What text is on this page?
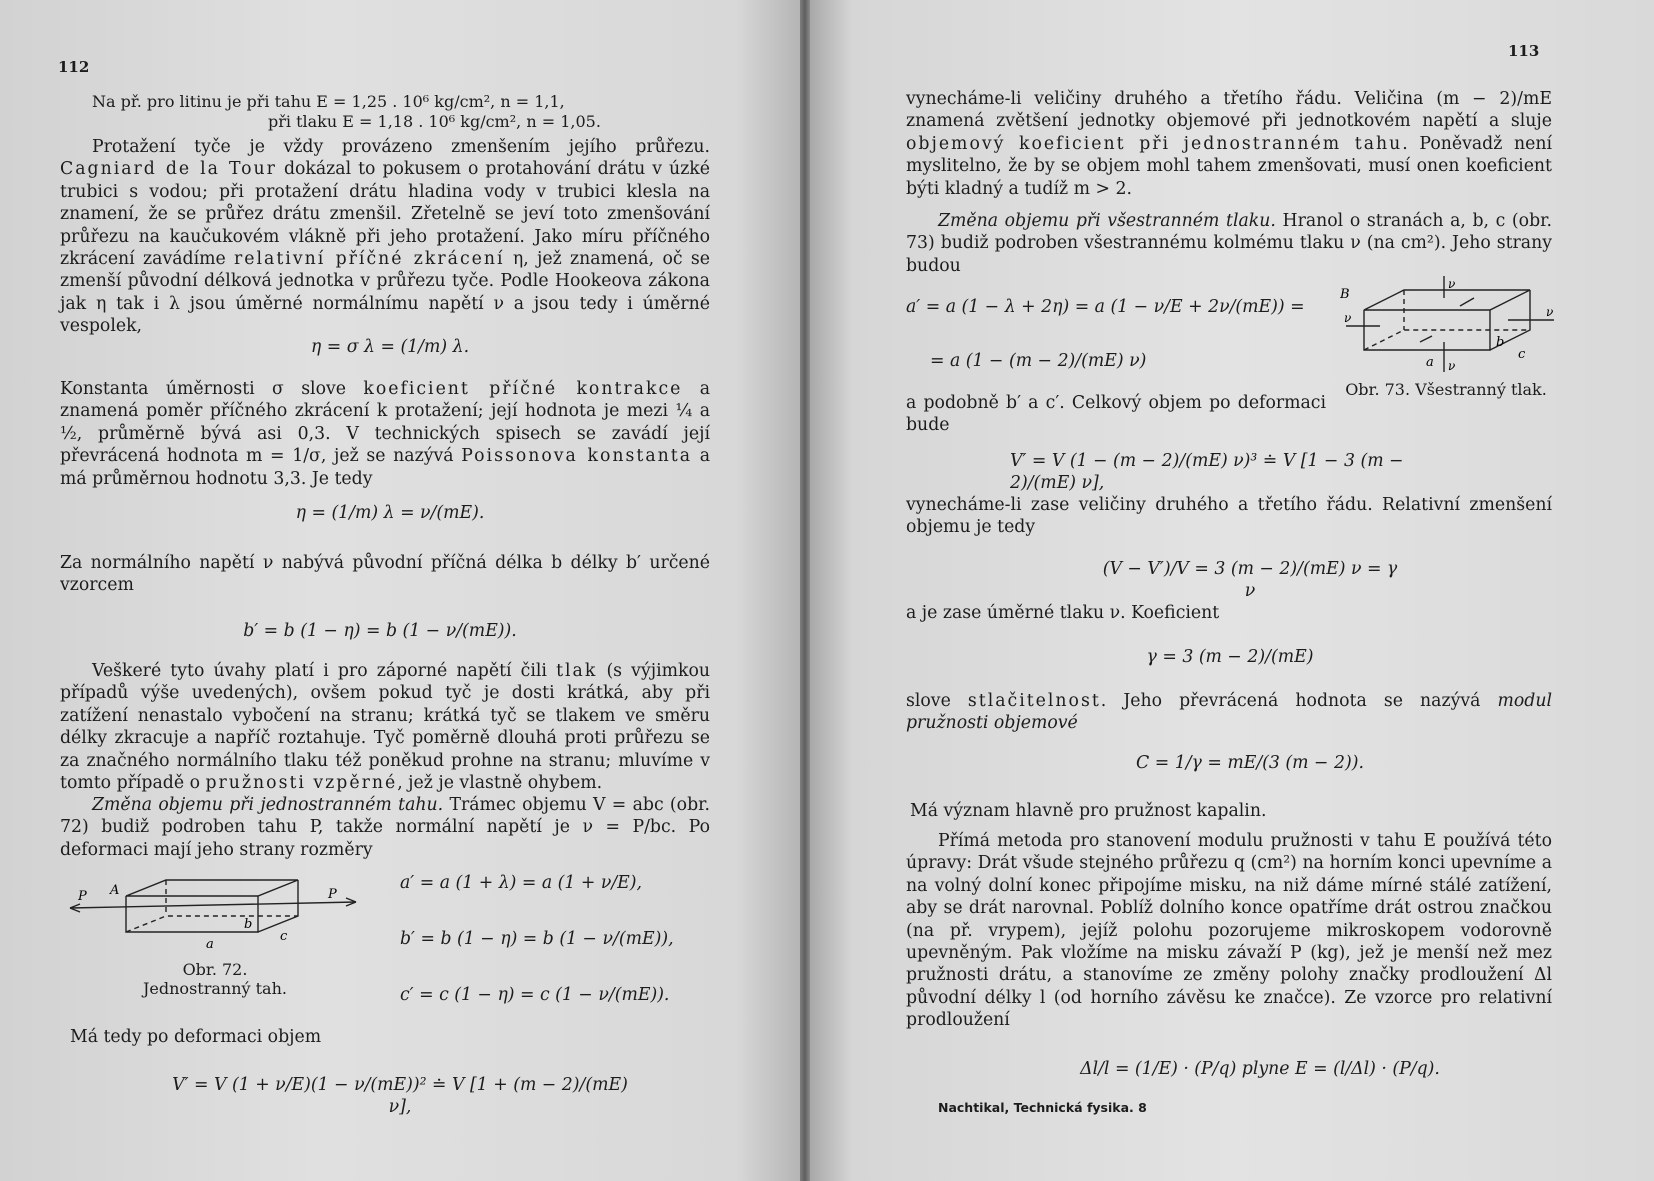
112
Na př. pro litinu je při tahu E = 1,25 . 10⁶ kg/cm², n = 1,1,
při tlaku E = 1,18 . 10⁶ kg/cm², n = 1,05.

Protažení tyče je vždy provázeno zmenšením jejího průřezu. Cagniard de la Tour dokázal to pokusem o protahování drátu v úzké trubici s vodou; při protažení drátu hladina vody v trubici klesla na znamení, že se průřez drátu zmenšil. Zřetelně se jeví toto zmenšování průřezu na kaučukovém vlákně při jeho protažení. Jako míru příčného zkrácení zavádíme relativní příčné zkrácení η, jež znamená, oč se zmenší původní délková jednotka v průřezu tyče. Podle Hookeova zákona jak η tak i λ jsou úměrné normálnímu napětí ν a jsou tedy i úměrné vespolek,

η = σ λ = (1/m) λ.

Konstanta úměrnosti σ slove koeficient příčné kontrakce a znamená poměr příčného zkrácení k protažení; její hodnota je mezi ¼ a ½, průměrně bývá asi 0,3. V technických spisech se zavádí její převrácená hodnota m = 1/σ, jež se nazývá Poissonova konstanta a má průměrnou hodnotu 3,3. Je tedy

η = (1/m) λ = ν/(mE).
Za normálního napětí ν nabývá původní příčná délka b délky b′ určené vzorcem
b′ = b (1 − η) = b (1 − ν/(mE)).

Veškeré tyto úvahy platí i pro záporné napětí čili tlak (s výjimkou případů výše uvedených), ovšem pokud tyč je dosti krátká, aby při zatížení nenastalo vybočení na stranu; krátká tyč se tlakem ve směru délky zkracuje a napříč roztahuje. Tyč poměrně dlouhá proti průřezu se za značného normálního tlaku též poněkud prohne na stranu; mluvíme v tomto případě o pružnosti vzpěrné, jež je vlastně ohybem.

Změna objemu při jednostranném tahu. Trámec objemu V = abc (obr. 72) budiž podroben tahu P, takže normální napětí je ν = P/bc. Po deformaci mají jeho strany rozměry

A
P	P
a
b
c
Obr. 72.
Jednostranný tah.
a′ = a (1 + λ) = a (1 + ν/E),
b′ = b (1 − η) = b (1 − ν/(mE)),
c′ = c (1 − η) = c (1 − ν/(mE)).
Má tedy po deformaci objem
V′ = V (1 + ν/E)(1 − ν/(mE))² ≐ V [1 + (m − 2)/(mE) ν],
113

vynecháme-li veličiny druhého a třetího řádu. Veličina (m − 2)/mE znamená zvětšení jednotky objemové při jednotkovém napětí a sluje objemový koeficient při jednostranném tahu. Poněvadž není myslitelno, že by se objem mohl tahem zmenšovati, musí onen koeficient býti kladný a tudíž m > 2.

Změna objemu při všestranném tlaku. Hranol o stranách a, b, c (obr. 73) budiž podroben všestrannému kolmému tlaku ν (na cm²). Jeho strany budou

a′ = a (1 − λ + 2η) = a (1 − ν/E + 2ν/(mE)) =
= a (1 − (m − 2)/(mE) ν)
B
ν
ν	ν
ν
a
b
c
Obr. 73. Všestranný tlak.
a podobně b′ a c′. Celkový objem po deformaci bude
V′ = V (1 − (m − 2)/(mE) ν)³ ≐ V [1 − 3 (m − 2)/(mE) ν],
vynecháme-li zase veličiny druhého a třetího řádu. Relativní zmenšení objemu je tedy
(V − V′)/V = 3 (m − 2)/(mE) ν = γ ν
a je zase úměrné tlaku ν. Koeficient
γ = 3 (m − 2)/(mE)

slove stlačitelnost. Jeho převrácená hodnota se nazývá modul pružnosti objemové

C = 1/γ = mE/(3 (m − 2)).
Má význam hlavně pro pružnost kapalin.

Přímá metoda pro stanovení modulu pružnosti v tahu E používá této úpravy: Drát všude stejného průřezu q (cm²) na horním konci upevníme a na volný dolní konec připojíme misku, na niž dáme mírné stálé zatížení, aby se drát narovnal. Poblíž dolního konce opatříme drát ostrou značkou (na př. vrypem), jejíž polohu pozorujeme mikroskopem vodorovně upevněným. Pak vložíme na misku závaží P (kg), jež je menší než mez pružnosti drátu, a stanovíme ze změny polohy značky prodloužení Δl původní délky l (od horního závěsu ke značce). Ze vzorce pro relativní prodloužení

Δl/l = (1/E) · (P/q) plyne E = (l/Δl) · (P/q).
Nachtikal, Technická fysika. 8
